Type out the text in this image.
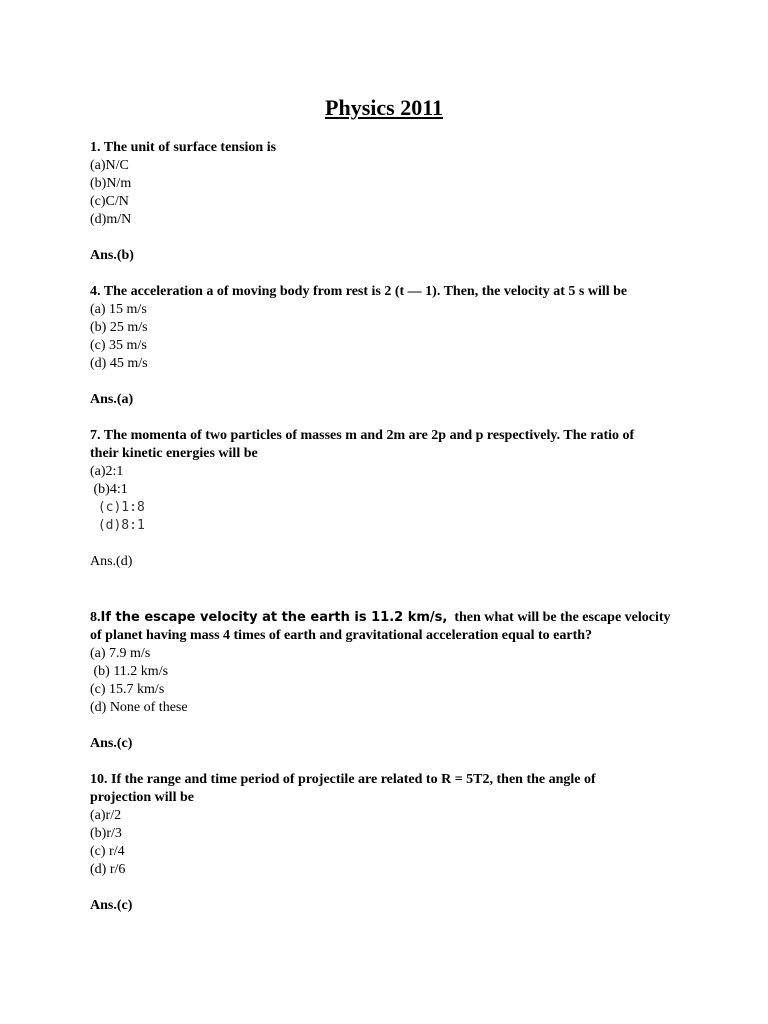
Physics 2011

1. The unit of surface tension is

(a)N/C

(b)N/m

(c)C/N

(d)m/N

Ans.(b)

4. The acceleration a of moving body from rest is 2 (t — 1). Then, the velocity at 5 s will be

(a) 15 m/s

(b) 25 m/s

(c) 35 m/s

(d) 45 m/s

Ans.(a)

7. The momenta of two particles of masses m and 2m are 2p and p respectively. The ratio of

their kinetic energies will be

(a)2:1

(b)4:1

(c)1:8

(d)8:1

Ans.(d)

8.If the escape velocity at the earth is 11.2 km/s,  then what will be the escape velocity

of planet having mass 4 times of earth and gravitational acceleration equal to earth?

(a) 7.9 m/s

(b) 11.2 km/s

(c) 15.7 km/s

(d) None of these

Ans.(c)

10. If the range and time period of projectile are related to R = 5T2, then the angle of

projection will be

(a)r/2

(b)r/3

(c) r/4

(d) r/6

Ans.(c)
